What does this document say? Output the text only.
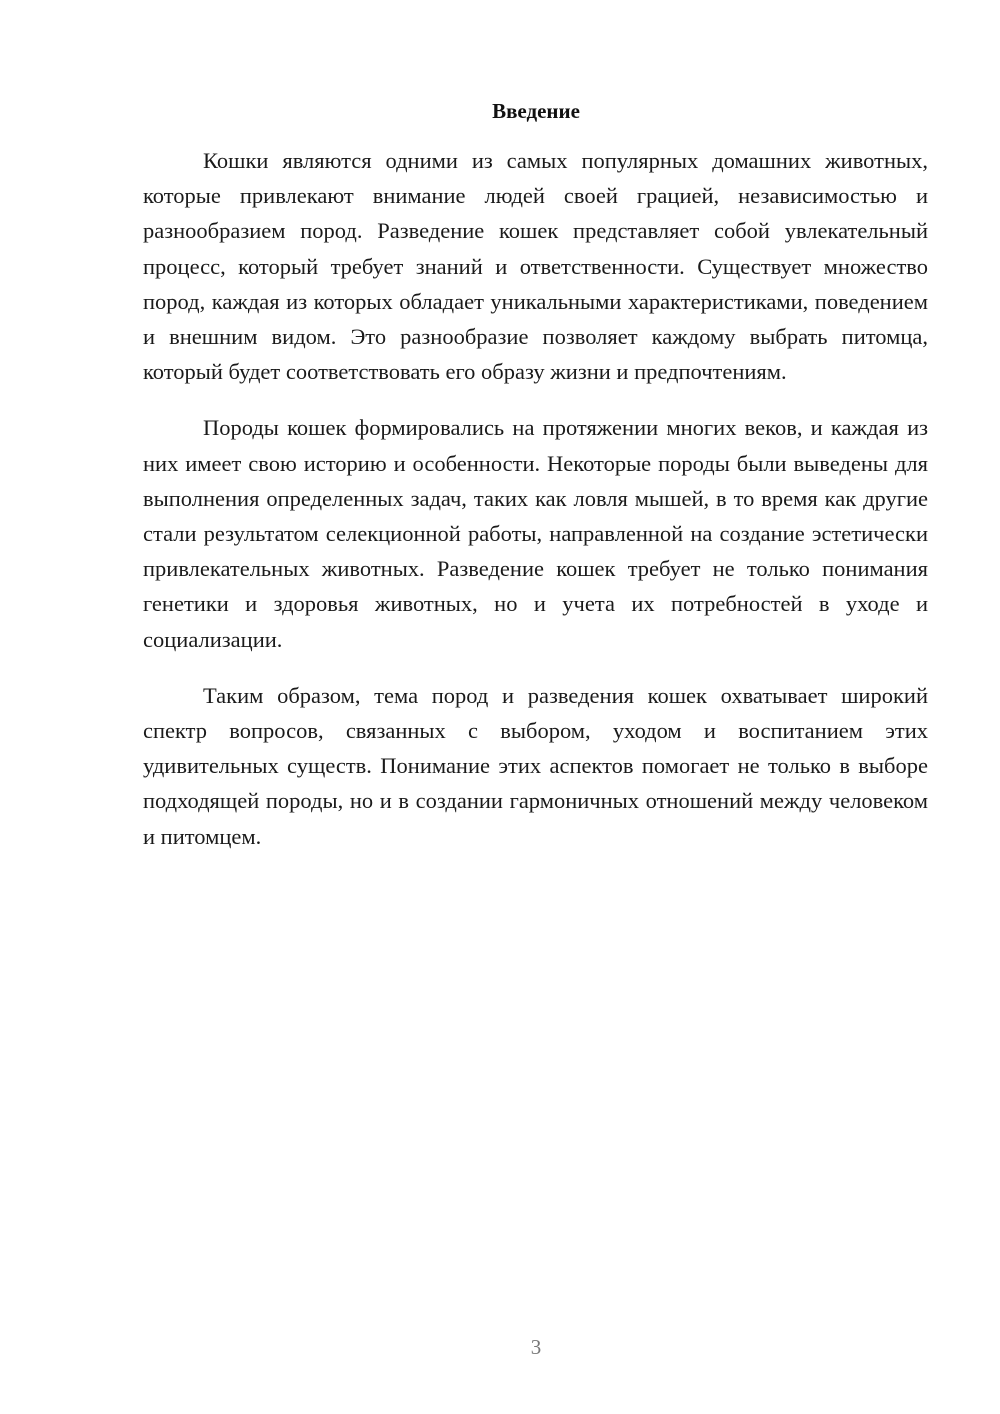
Введение

Кошки являются одними из самых популярных домашних животных, которые привлекают внимание людей своей грацией, независимостью и разнообразием пород. Разведение кошек представляет собой увлекательный процесс, который требует знаний и ответственности. Существует множество пород, каждая из которых обладает уникальными характеристиками, поведением и внешним видом. Это разнообразие позволяет каждому выбрать питомца, который будет соответствовать его образу жизни и предпочтениям.

Породы кошек формировались на протяжении многих веков, и каждая из них имеет свою историю и особенности. Некоторые породы были выведены для выполнения определенных задач, таких как ловля мышей, в то время как другие стали результатом селекционной работы, направленной на создание эстетически привлекательных животных. Разведение кошек требует не только понимания генетики и здоровья животных, но и учета их потребностей в уходе и социализации.

Таким образом, тема пород и разведения кошек охватывает широкий спектр вопросов, связанных с выбором, уходом и воспитанием этих удивительных существ. Понимание этих аспектов помогает не только в выборе подходящей породы, но и в создании гармоничных отношений между человеком и питомцем.

3
